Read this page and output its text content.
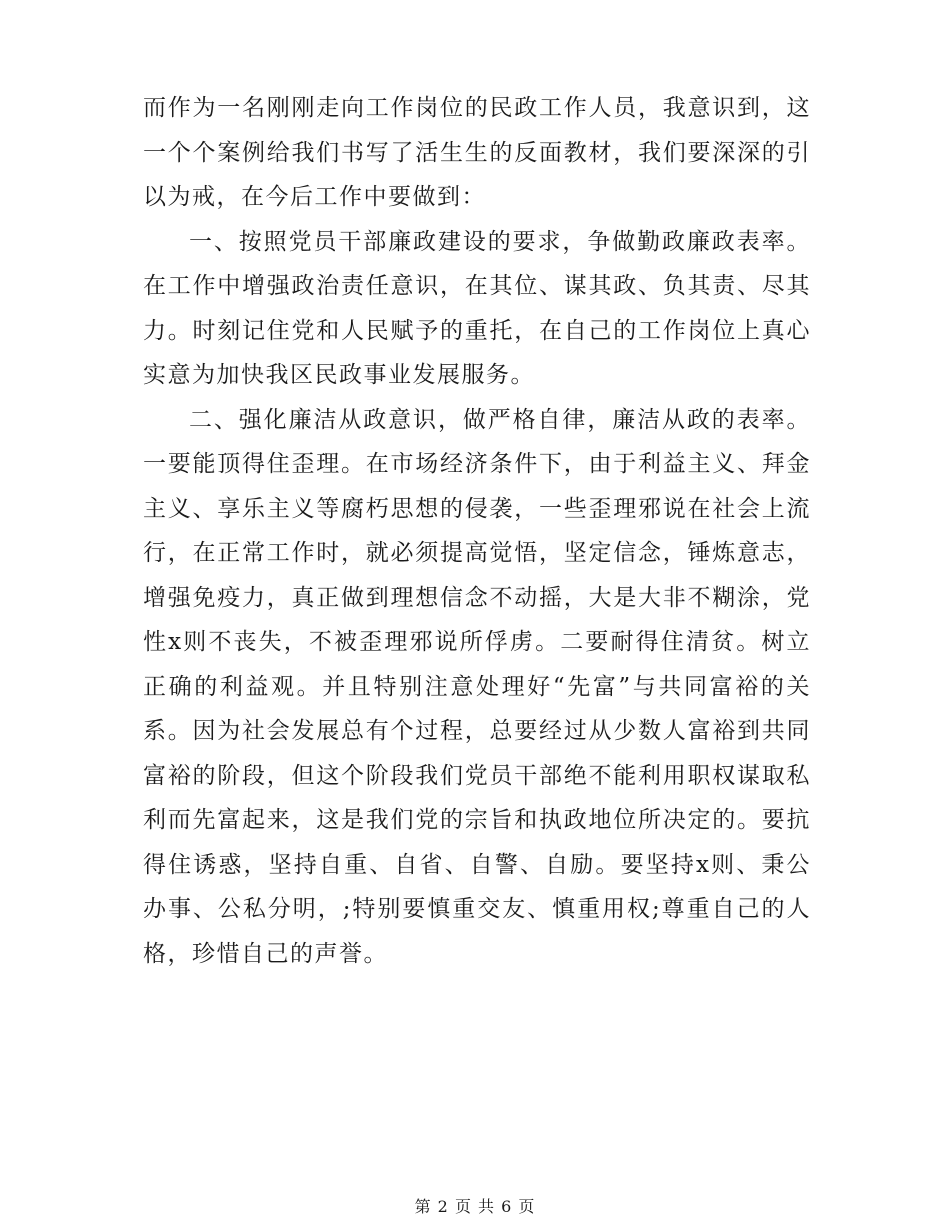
而作为一名刚刚走向工作岗位的民政工作人员，我意识到，这一个个案例给我们书写了活生生的反面教材，我们要深深的引以为戒，在今后工作中要做到：

一、按照党员干部廉政建设的要求，争做勤政廉政表率。在工作中增强政治责任意识，在其位、谋其政、负其责、尽其力。时刻记住党和人民赋予的重托，在自己的工作岗位上真心实意为加快我区民政事业发展服务。

二、强化廉洁从政意识，做严格自律，廉洁从政的表率。一要能顶得住歪理。在市场经济条件下，由于利益主义、拜金主义、享乐主义等腐朽思想的侵袭，一些歪理邪说在社会上流行，在正常工作时，就必须提高觉悟，坚定信念，锤炼意志，增强免疫力，真正做到理想信念不动摇，大是大非不糊涂，党性x则不丧失，不被歪理邪说所俘虏。二要耐得住清贫。树立正确的利益观。并且特别注意处理好“先富”与共同富裕的关系。因为社会发展总有个过程，总要经过从少数人富裕到共同富裕的阶段，但这个阶段我们党员干部绝不能利用职权谋取私利而先富起来，这是我们党的宗旨和执政地位所决定的。要抗得住诱惑，坚持自重、自省、自警、自励。要坚持x则、秉公办事、公私分明，;特别要慎重交友、慎重用权;尊重自己的人格，珍惜自己的声誉。

第 2 页 共 6 页
